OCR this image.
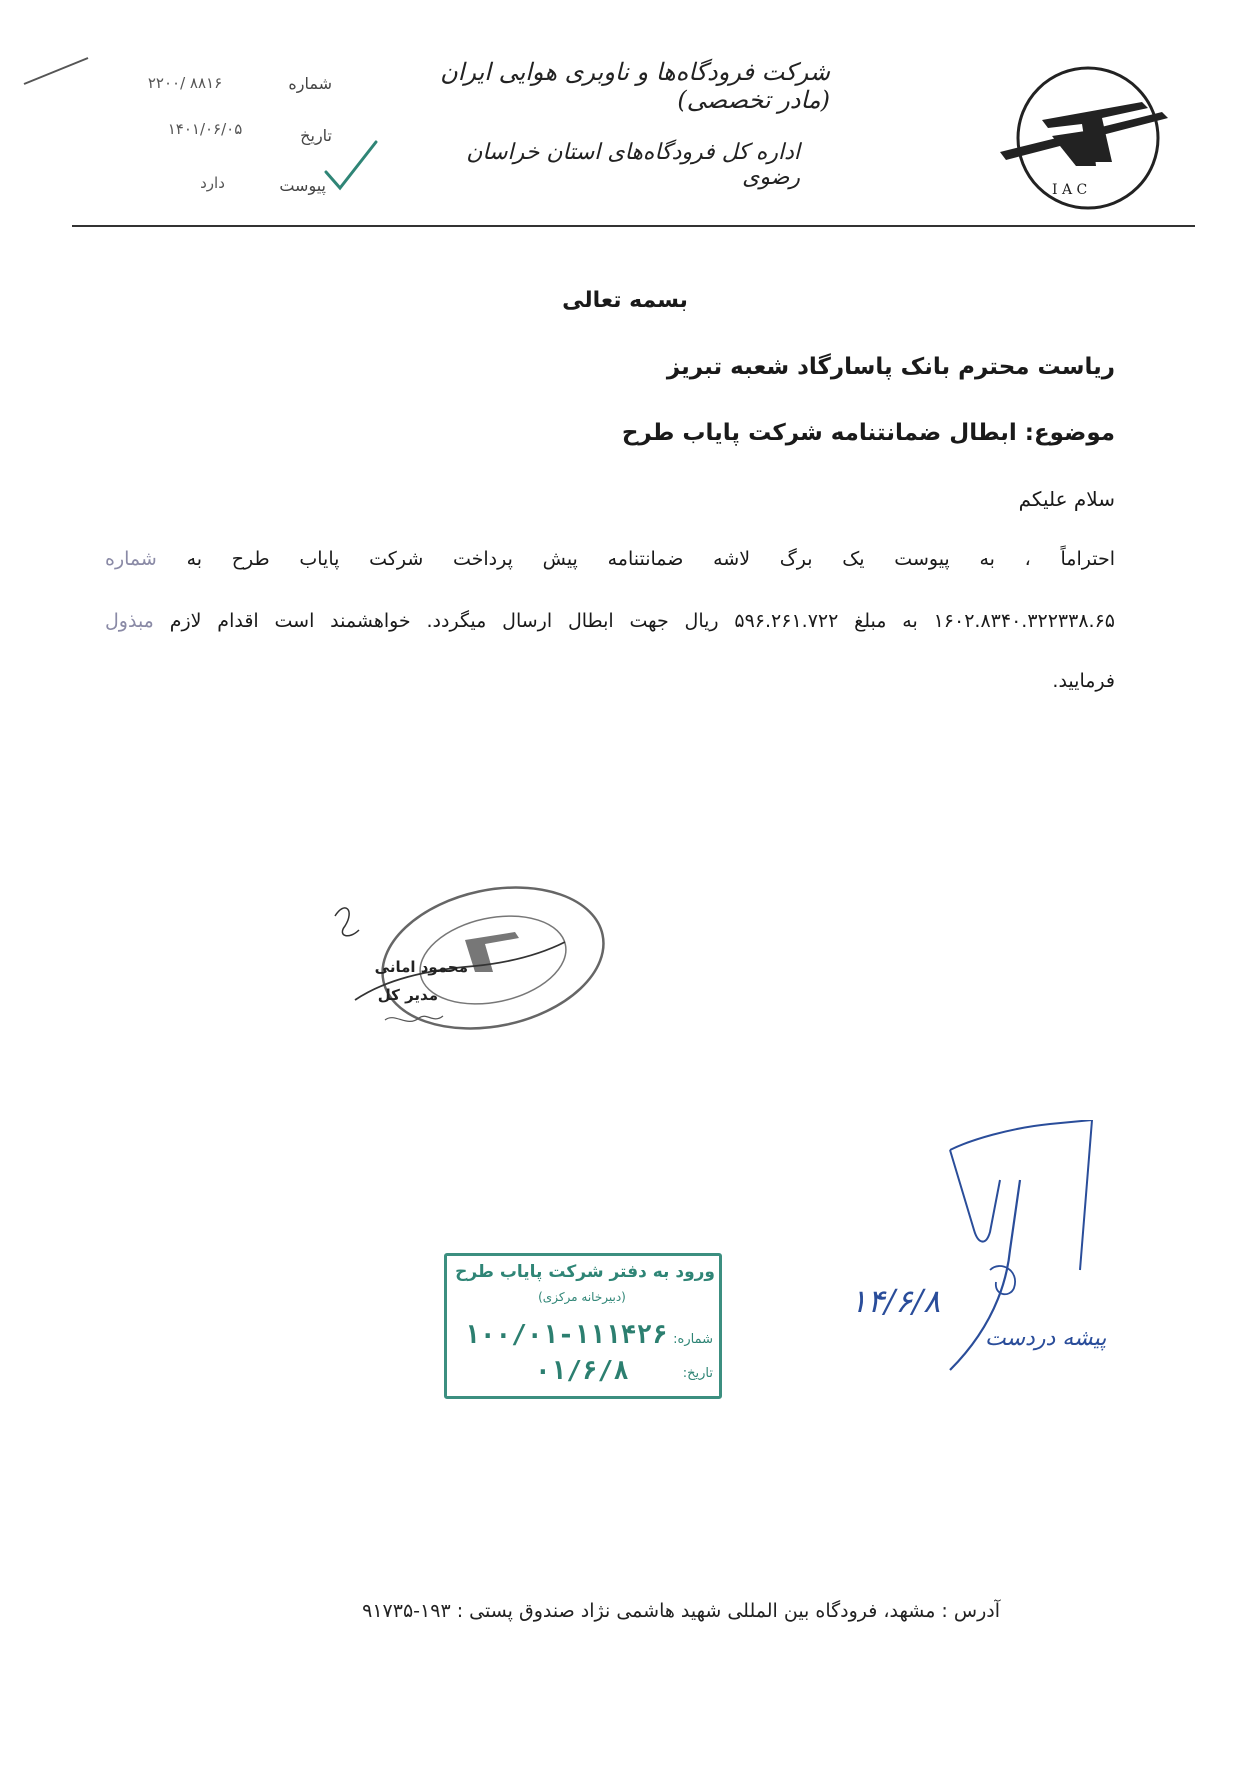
I A C
شرکت فرودگاه‌ها و ناوبری هوایی ایران (مادر تخصصی)
اداره کل فرودگاه‌های استان خراسان رضوی
شماره
۲۲۰۰/ ۸۸۱۶
تاریخ
۱۴۰۱/۰۶/۰۵
پیوست
دارد
بسمه تعالی
ریاست محترم بانک پاسارگاد شعبه تبریز
موضوع: ابطال ضمانتنامه شرکت پایاب طرح
سلام علیکم
احتراماً ، به پیوست یک برگ لاشه ضمانتنامه پیش پرداخت شرکت پایاب طرح به شماره
۱۶۰۲.۸۳۴۰.۳۲۲۳۳۸.۶۵ به مبلغ ۵۹۶.۲۶۱.۷۲۲ ریال جهت ابطال ارسال میگردد. خواهشمند است اقدام لازم مبذول
فرمایید.
محمود امانی
مدیر کل
ورود به دفتر شرکت پایاب طرح
(دبیرخانه مرکزی)
شماره:
۱۰۰/۰۱-۱۱۱۴۲۶
تاریخ:
۰۱/۶/۸
۱۴/۶/۸
پیشه دردست
آدرس : مشهد، فرودگاه بین المللی شهید هاشمی نژاد صندوق پستی : ۱۹۳-۹۱۷۳۵
